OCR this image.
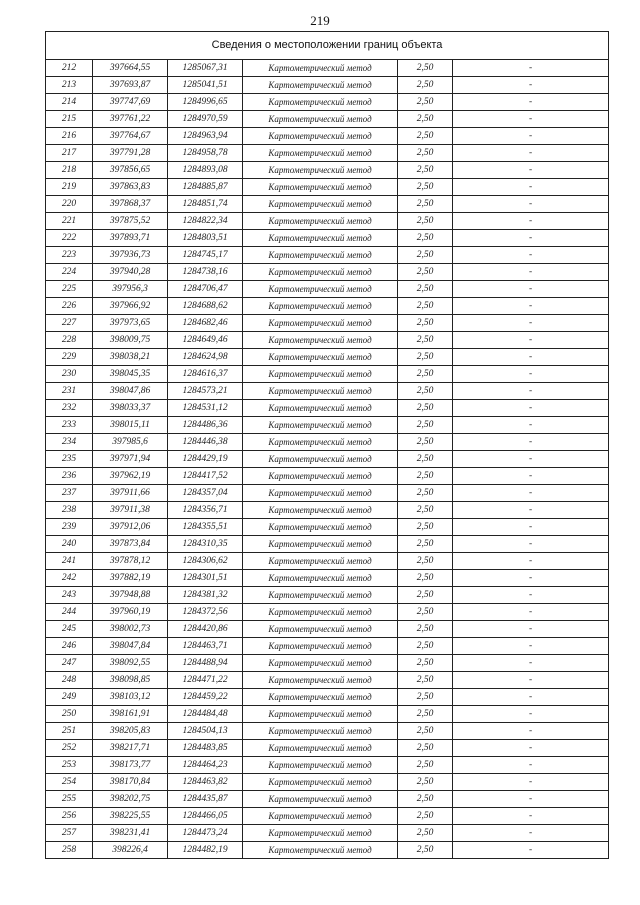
219
Сведения о местоположении границ объекта					
212	397664,55	1285067,31	Картометрический метод	2,50	-
213	397693,87	1285041,51	Картометрический метод	2,50	-
214	397747,69	1284996,65	Картометрический метод	2,50	-
215	397761,22	1284970,59	Картометрический метод	2,50	-
216	397764,67	1284963,94	Картометрический метод	2,50	-
217	397791,28	1284958,78	Картометрический метод	2,50	-
218	397856,65	1284893,08	Картометрический метод	2,50	-
219	397863,83	1284885,87	Картометрический метод	2,50	-
220	397868,37	1284851,74	Картометрический метод	2,50	-
221	397875,52	1284822,34	Картометрический метод	2,50	-
222	397893,71	1284803,51	Картометрический метод	2,50	-
223	397936,73	1284745,17	Картометрический метод	2,50	-
224	397940,28	1284738,16	Картометрический метод	2,50	-
225	397956,3	1284706,47	Картометрический метод	2,50	-
226	397966,92	1284688,62	Картометрический метод	2,50	-
227	397973,65	1284682,46	Картометрический метод	2,50	-
228	398009,75	1284649,46	Картометрический метод	2,50	-
229	398038,21	1284624,98	Картометрический метод	2,50	-
230	398045,35	1284616,37	Картометрический метод	2,50	-
231	398047,86	1284573,21	Картометрический метод	2,50	-
232	398033,37	1284531,12	Картометрический метод	2,50	-
233	398015,11	1284486,36	Картометрический метод	2,50	-
234	397985,6	1284446,38	Картометрический метод	2,50	-
235	397971,94	1284429,19	Картометрический метод	2,50	-
236	397962,19	1284417,52	Картометрический метод	2,50	-
237	397911,66	1284357,04	Картометрический метод	2,50	-
238	397911,38	1284356,71	Картометрический метод	2,50	-
239	397912,06	1284355,51	Картометрический метод	2,50	-
240	397873,84	1284310,35	Картометрический метод	2,50	-
241	397878,12	1284306,62	Картометрический метод	2,50	-
242	397882,19	1284301,51	Картометрический метод	2,50	-
243	397948,88	1284381,32	Картометрический метод	2,50	-
244	397960,19	1284372,56	Картометрический метод	2,50	-
245	398002,73	1284420,86	Картометрический метод	2,50	-
246	398047,84	1284463,71	Картометрический метод	2,50	-
247	398092,55	1284488,94	Картометрический метод	2,50	-
248	398098,85	1284471,22	Картометрический метод	2,50	-
249	398103,12	1284459,22	Картометрический метод	2,50	-
250	398161,91	1284484,48	Картометрический метод	2,50	-
251	398205,83	1284504,13	Картометрический метод	2,50	-
252	398217,71	1284483,85	Картометрический метод	2,50	-
253	398173,77	1284464,23	Картометрический метод	2,50	-
254	398170,84	1284463,82	Картометрический метод	2,50	-
255	398202,75	1284435,87	Картометрический метод	2,50	-
256	398225,55	1284466,05	Картометрический метод	2,50	-
257	398231,41	1284473,24	Картометрический метод	2,50	-
258	398226,4	1284482,19	Картометрический метод	2,50	-
